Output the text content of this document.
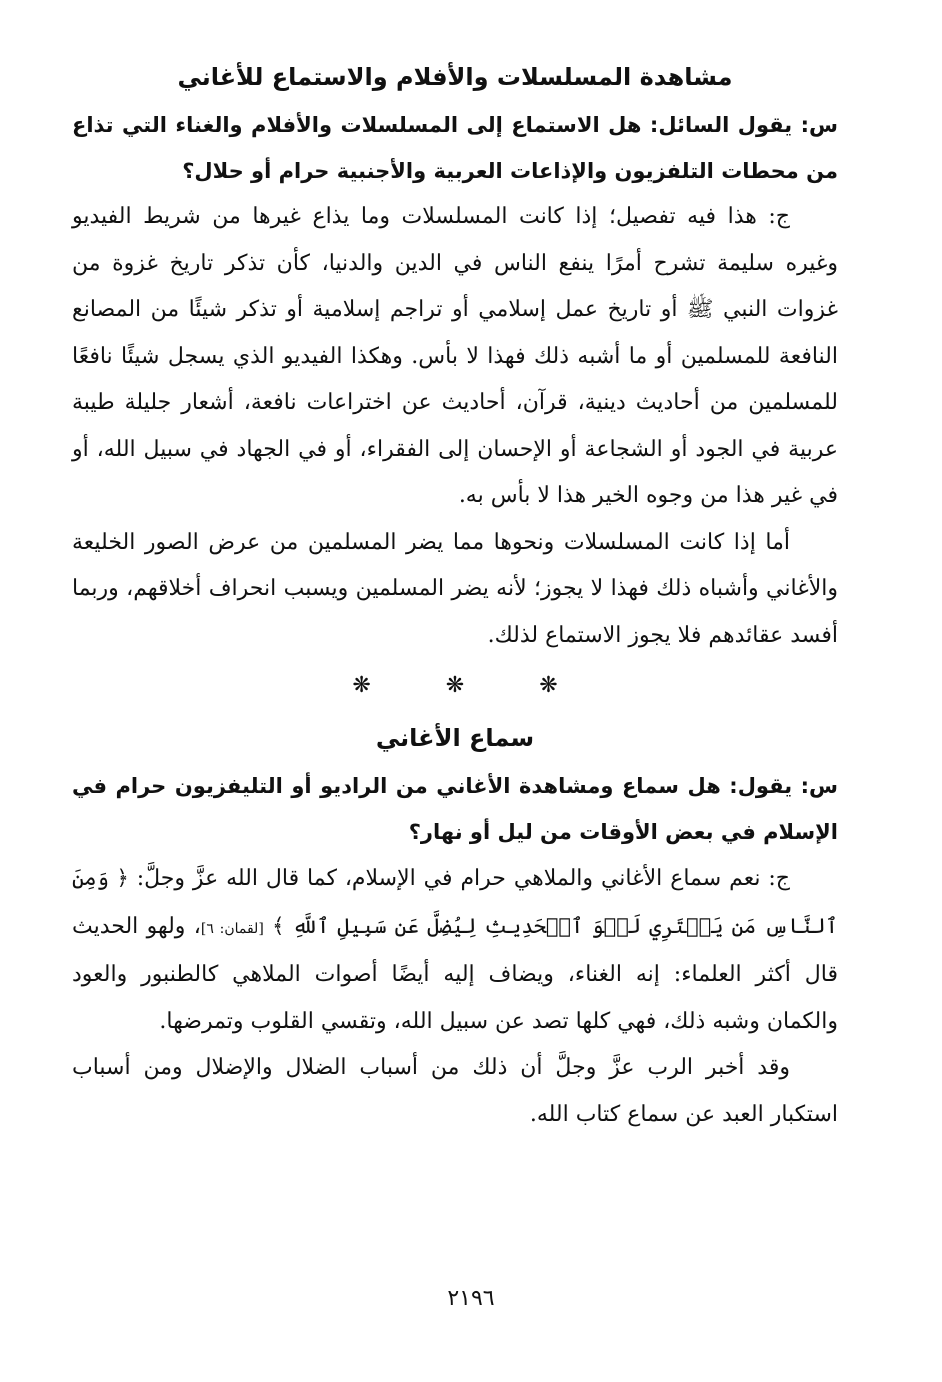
مشاهدة المسلسلات والأفلام والاستماع للأغاني

س: يقول السائل: هل الاستماع إلى المسلسلات والأفلام والغناء التي تذاع من محطات التلفزيون والإذاعات العربية والأجنبية حرام أو حلال؟

ج: هذا فيه تفصيل؛ إذا كانت المسلسلات وما يذاع غيرها من شريط الفيديو وغيره سليمة تشرح أمرًا ينفع الناس في الدين والدنيا، كأن تذكر تاريخ غزوة من غزوات النبي ﷺ أو تاريخ عمل إسلامي أو تراجم إسلامية أو تذكر شيئًا من المصانع النافعة للمسلمين أو ما أشبه ذلك فهذا لا بأس. وهكذا الفيديو الذي يسجل شيئًا نافعًا للمسلمين من أحاديث دينية، قرآن، أحاديث عن اختراعات نافعة، أشعار جليلة طيبة عربية في الجود أو الشجاعة أو الإحسان إلى الفقراء، أو في الجهاد في سبيل الله، أو في غير هذا من وجوه الخير هذا لا بأس به.

أما إذا كانت المسلسلات ونحوها مما يضر المسلمين من عرض الصور الخليعة والأغاني وأشباه ذلك فهذا لا يجوز؛ لأنه يضر المسلمين ويسبب انحراف أخلاقهم، وربما أفسد عقائدهم فلا يجوز الاستماع لذلك.

❋ ❋ ❋
سماع الأغاني

س: يقول: هل سماع ومشاهدة الأغاني من الراديو أو التليفزيون حرام في الإسلام في بعض الأوقات من ليل أو نهار؟

ج: نعم سماع الأغاني والملاهي حرام في الإسلام، كما قال الله عزَّ وجلَّ: ﴿ وَمِنَ ٱلنَّاسِ مَن يَشۡتَرِي لَهۡوَ ٱلۡحَدِيثِ لِيُضِلَّ عَن سَبِيلِ ٱللَّهِ ﴾ [لقمان: ٦]، ولهو الحديث قال أكثر العلماء: إنه الغناء، ويضاف إليه أيضًا أصوات الملاهي كالطنبور والعود والكمان وشبه ذلك، فهي كلها تصد عن سبيل الله، وتقسي القلوب وتمرضها.

وقد أخبر الرب عزَّ وجلَّ أن ذلك من أسباب الضلال والإضلال ومن أسباب استكبار العبد عن سماع كتاب الله.

٢١٩٦
